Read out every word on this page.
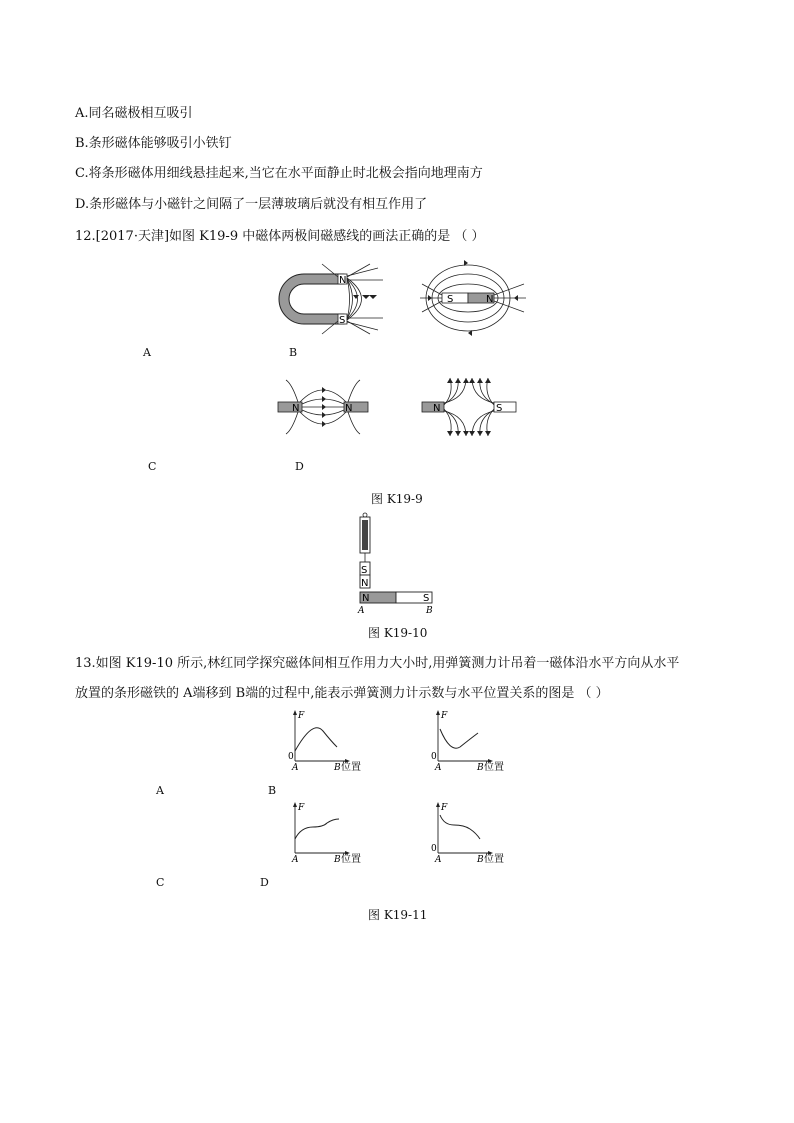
A.同名磁极相互吸引
B.条形磁体能够吸引小铁钉
C.将条形磁体用细线悬挂起来,当它在水平面静止时北极会指向地理南方
D.条形磁体与小磁针之间隔了一层薄玻璃后就没有相互作用了
12.[2017·天津]如图 K19-9 中磁体两极间磁感线的画法正确的是 （ ）
N
S
S	N
A	B
N	N	N	S
C	D
图 K19-9
S
N
N	S
A	B
图 K19-10
13.如图 K19-10 所示,林红同学探究磁体间相互作用力大小时,用弹簧测力计吊着一磁体沿水平方向从水平
放置的条形磁铁的 A端移到 B端的过程中,能表示弹簧测力计示数与水平位置关系的图是 （ ）
F
0
A	B 位置
F
0
A	B 位置
A	B
F
A	B 位置
F
0
A	B 位置
C	D
图 K19-11
